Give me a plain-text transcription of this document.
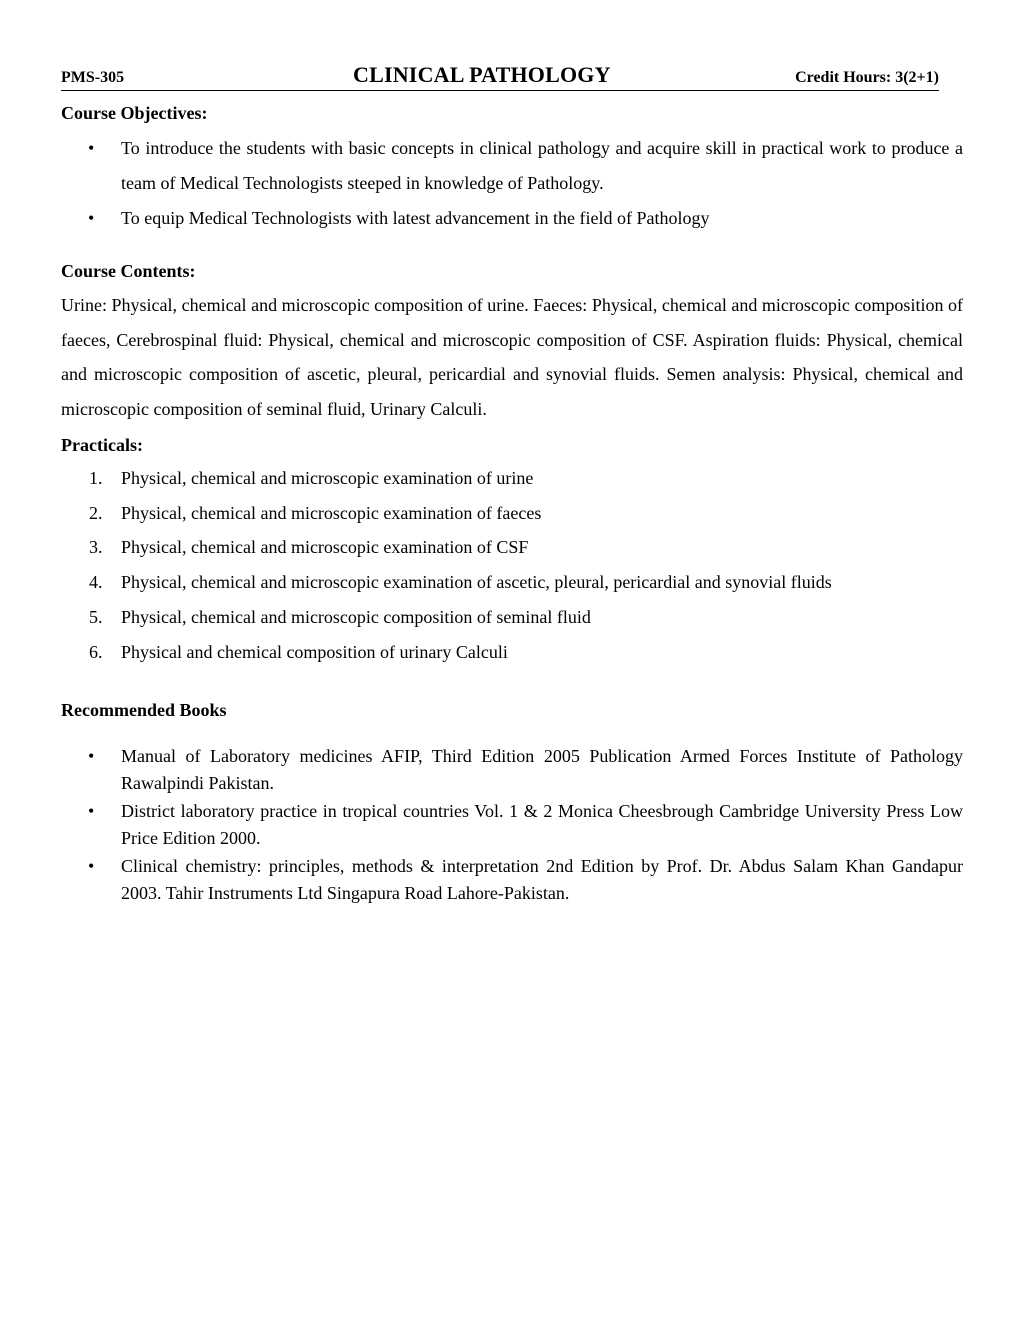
PMS-305	CLINICAL PATHOLOGY	Credit Hours: 3(2+1)
Course Objectives:
• To introduce the students with basic concepts in clinical pathology and acquire skill in practical work to produce a team of Medical Technologists steeped in knowledge of Pathology.
• To equip Medical Technologists with latest advancement in the field of Pathology
Course Contents:
Urine: Physical, chemical and microscopic composition of urine. Faeces: Physical, chemical and microscopic composition of faeces, Cerebrospinal fluid: Physical, chemical and microscopic composition of CSF. Aspiration fluids: Physical, chemical and microscopic composition of ascetic, pleural, pericardial and synovial fluids. Semen analysis: Physical, chemical and microscopic composition of seminal fluid, Urinary Calculi.
Practicals:
1. Physical, chemical and microscopic examination of urine
2. Physical, chemical and microscopic examination of faeces
3. Physical, chemical and microscopic examination of CSF
4. Physical, chemical and microscopic examination of ascetic, pleural, pericardial and synovial fluids
5. Physical, chemical and microscopic composition of seminal fluid
6. Physical and chemical composition of urinary Calculi
Recommended Books
• Manual of Laboratory medicines AFIP, Third Edition 2005 Publication Armed Forces Institute of Pathology Rawalpindi Pakistan.
• District laboratory practice in tropical countries Vol. 1 & 2 Monica Cheesbrough Cambridge University Press Low Price Edition 2000.
• Clinical chemistry: principles, methods & interpretation 2nd Edition by Prof. Dr. Abdus Salam Khan Gandapur 2003. Tahir Instruments Ltd Singapura Road Lahore-Pakistan.
